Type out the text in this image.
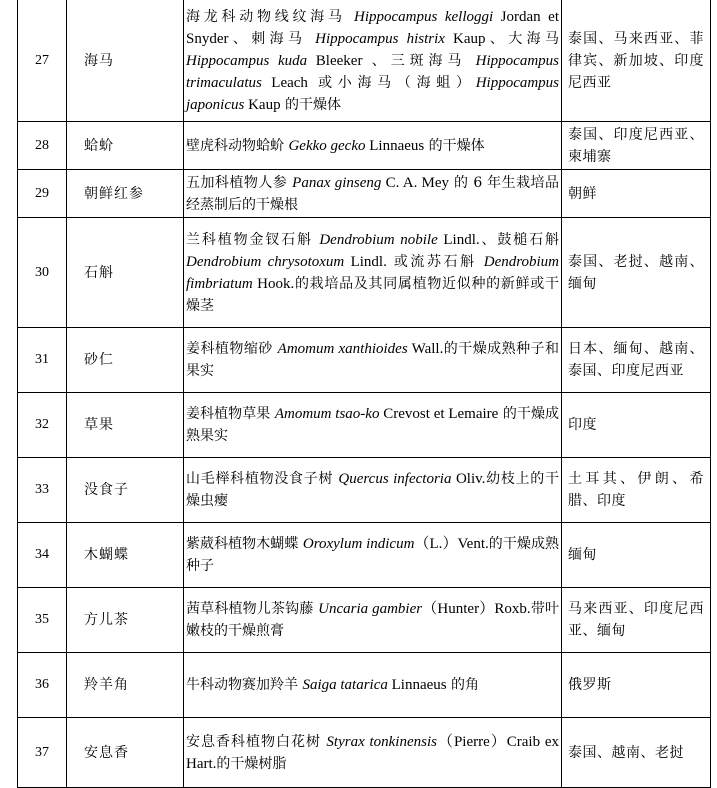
27	海马	海龙科动物线纹海马 Hippocampus kelloggi Jordan et Snyder、刺海马 Hippocampus histrix Kaup、大海马 Hippocampus kuda Bleeker 、三斑海马 Hippocampus trimaculatus Leach 或小海马（海蛆）Hippocampus japonicus Kaup 的干燥体	泰国、马来西亚、菲律宾、新加坡、印度尼西亚
28	蛤蚧	壁虎科动物蛤蚧 Gekko gecko Linnaeus 的干燥体	泰国、印度尼西亚、柬埔寨
29	朝鲜红参	五加科植物人参 Panax ginseng C. A. Mey 的 6 年生栽培品经蒸制后的干燥根	朝鲜
30	石斛	兰科植物金钗石斛 Dendrobium nobile Lindl.、鼓槌石斛 Dendrobium chrysotoxum Lindl. 或流苏石斛 Dendrobium fimbriatum Hook.的栽培品及其同属植物近似种的新鲜或干燥茎	泰国、老挝、越南、缅甸
31	砂仁	姜科植物缩砂 Amomum xanthioides Wall.的干燥成熟种子和果实	日本、缅甸、越南、泰国、印度尼西亚
32	草果	姜科植物草果 Amomum tsao-ko Crevost et Lemaire 的干燥成熟果实	印度
33	没食子	山毛榉科植物没食子树 Quercus infectoria Oliv.幼枝上的干燥虫瘿	土耳其、伊朗、希腊、印度
34	木蝴蝶	紫葳科植物木蝴蝶 Oroxylum indicum（L.）Vent.的干燥成熟种子	缅甸
35	方儿茶	茜草科植物儿茶钩藤 Uncaria gambier（Hunter）Roxb.带叶嫩枝的干燥煎膏	马来西亚、印度尼西亚、缅甸
36	羚羊角	牛科动物赛加羚羊 Saiga tatarica Linnaeus 的角	俄罗斯
37	安息香	安息香科植物白花树 Styrax tonkinensis（Pierre）Craib ex Hart.的干燥树脂	泰国、越南、老挝
